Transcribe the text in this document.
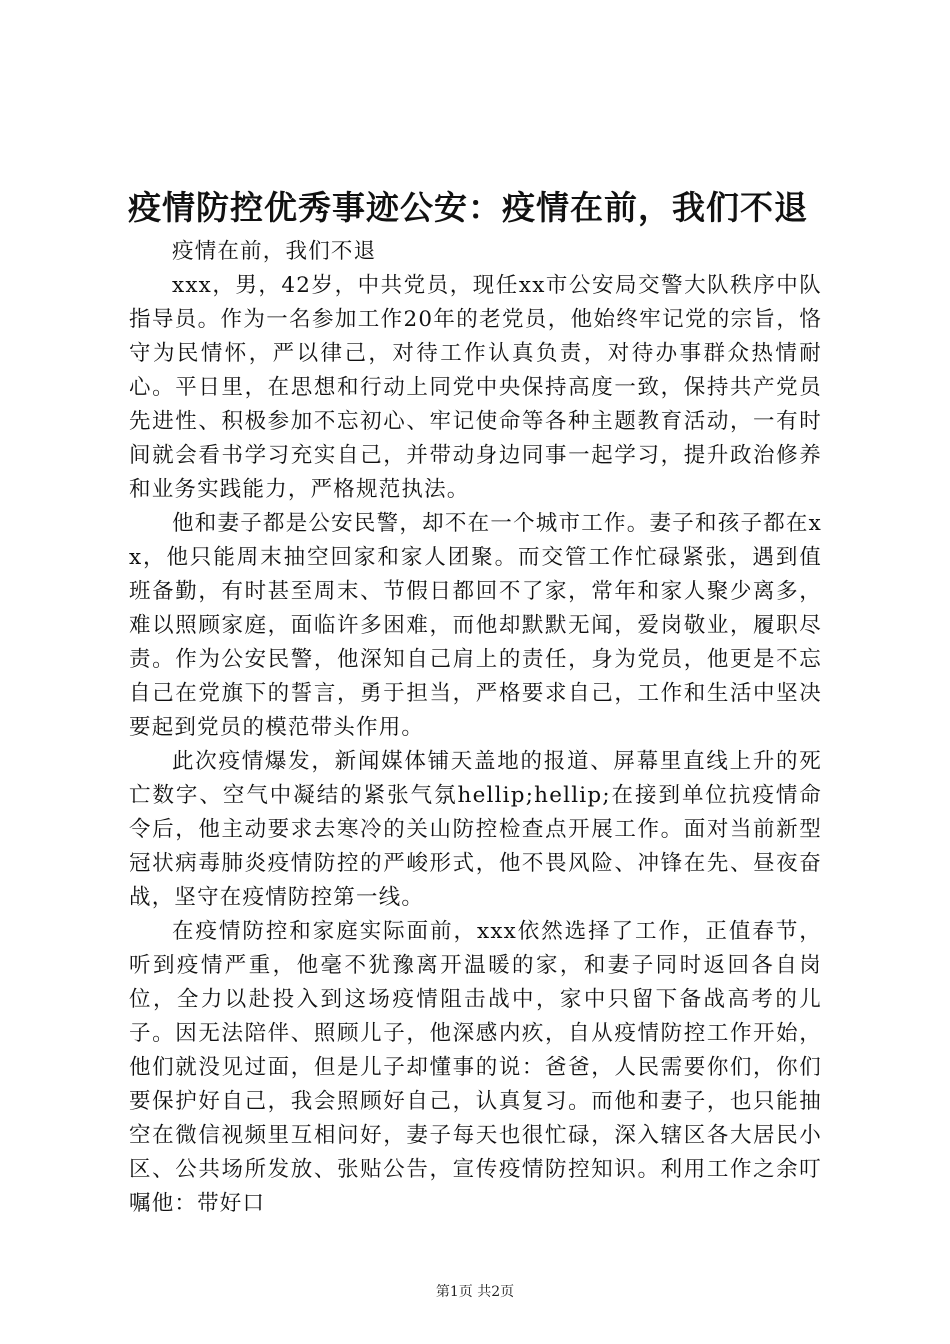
疫情防控优秀事迹公安：疫情在前，我们不退

疫情在前，我们不退

xxx，男，42岁，中共党员，现任xx市公安局交警大队秩序中队指导员。作为一名参加工作20年的老党员，他始终牢记党的宗旨，恪守为民情怀，严以律己，对待工作认真负责，对待办事群众热情耐心。平日里，在思想和行动上同党中央保持高度一致，保持共产党员先进性、积极参加不忘初心、牢记使命等各种主题教育活动，一有时间就会看书学习充实自己，并带动身边同事一起学习，提升政治修养和业务实践能力，严格规范执法。

他和妻子都是公安民警，却不在一个城市工作。妻子和孩子都在xx，他只能周末抽空回家和家人团聚。而交管工作忙碌紧张，遇到值班备勤，有时甚至周末、节假日都回不了家，常年和家人聚少离多，难以照顾家庭，面临许多困难，而他却默默无闻，爱岗敬业，履职尽责。作为公安民警，他深知自己肩上的责任，身为党员，他更是不忘自己在党旗下的誓言，勇于担当，严格要求自己，工作和生活中坚决要起到党员的模范带头作用。

此次疫情爆发，新闻媒体铺天盖地的报道、屏幕里直线上升的死亡数字、空气中凝结的紧张气氛hellip;hellip;在接到单位抗疫情命令后，他主动要求去寒冷的关山防控检查点开展工作。面对当前新型冠状病毒肺炎疫情防控的严峻形式，他不畏风险、冲锋在先、昼夜奋战，坚守在疫情防控第一线。

在疫情防控和家庭实际面前，xxx依然选择了工作，正值春节，听到疫情严重，他毫不犹豫离开温暖的家，和妻子同时返回各自岗位，全力以赴投入到这场疫情阻击战中，家中只留下备战高考的儿子。因无法陪伴、照顾儿子，他深感内疚，自从疫情防控工作开始，他们就没见过面，但是儿子却懂事的说：爸爸，人民需要你们，你们要保护好自己，我会照顾好自己，认真复习。而他和妻子，也只能抽空在微信视频里互相问好，妻子每天也很忙碌，深入辖区各大居民小区、公共场所发放、张贴公告，宣传疫情防控知识。利用工作之余叮嘱他：带好口

第1页 共2页
